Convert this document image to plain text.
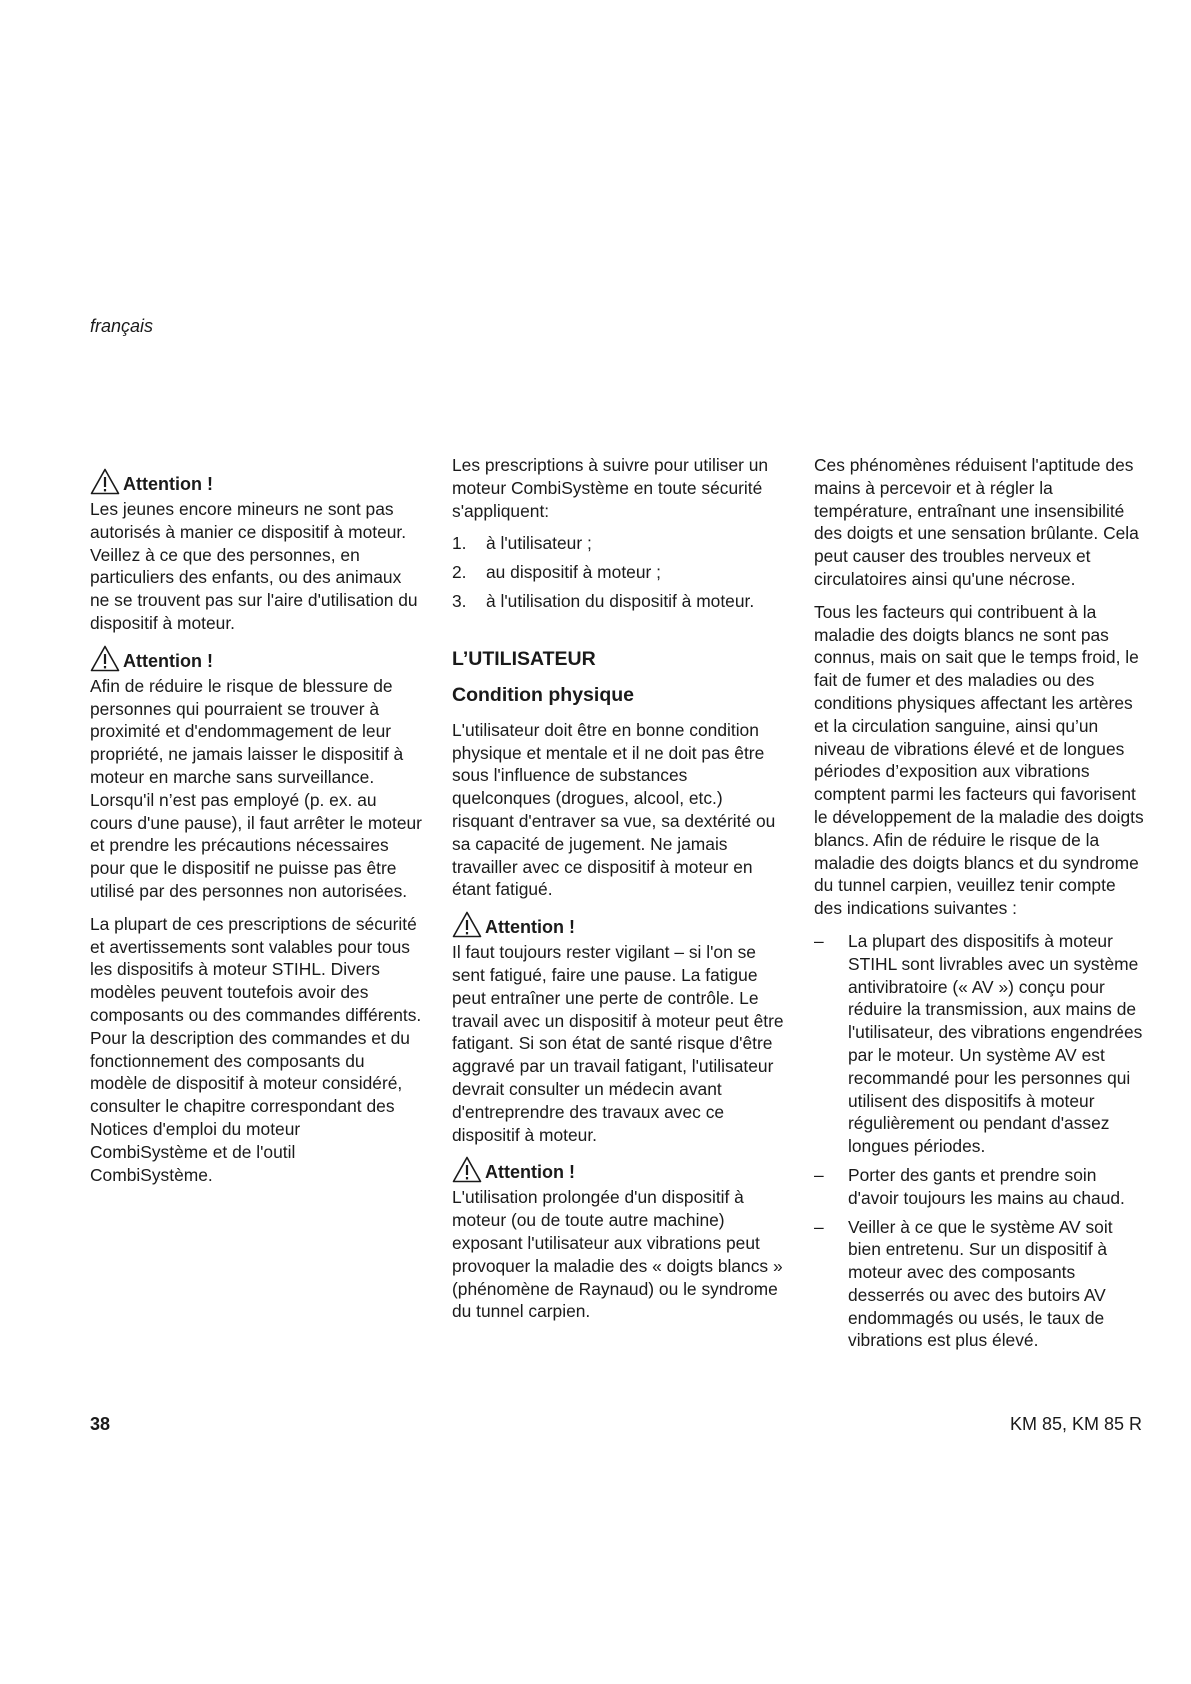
français
Attention !

Les jeunes encore mineurs ne sont pas autorisés à manier ce dispositif à moteur. Veillez à ce que des personnes, en particuliers des enfants, ou des animaux ne se trouvent pas sur l'aire d'utilisation du dispositif à moteur.

Attention !

Afin de réduire le risque de blessure de personnes qui pourraient se trouver à proximité et d'endommagement de leur propriété, ne jamais laisser le dispositif à moteur en marche sans surveillance. Lorsqu'il n’est pas employé (p. ex. au cours d'une pause), il faut arrêter le moteur et prendre les précautions nécessaires pour que le dispositif ne puisse pas être utilisé par des personnes non autorisées.

La plupart de ces prescriptions de sécurité et avertissements sont valables pour tous les dispositifs à moteur STIHL. Divers modèles peuvent toutefois avoir des composants ou des commandes différents. Pour la description des commandes et du fonctionnement des composants du modèle de dispositif à moteur considéré, consulter le chapitre correspondant des Notices d'emploi du moteur CombiSystème et de l'outil CombiSystème.

Les prescriptions à suivre pour utiliser un moteur CombiSystème en toute sécurité s'appliquent:

1.	à l'utilisateur ;
2.	au dispositif à moteur ;
3.	à l'utilisation du dispositif à moteur.
L’UTILISATEUR
Condition physique

L'utilisateur doit être en bonne condition physique et mentale et il ne doit pas être sous l'influence de substances quelconques (drogues, alcool, etc.) risquant d'entraver sa vue, sa dextérité ou sa capacité de jugement. Ne jamais travailler avec ce dispositif à moteur en étant fatigué.

Attention !

Il faut toujours rester vigilant – si l'on se sent fatigué, faire une pause. La fatigue peut entraîner une perte de contrôle. Le travail avec un dispositif à moteur peut être fatigant. Si son état de santé risque d'être aggravé par un travail fatigant, l'utilisateur devrait consulter un médecin avant d'entreprendre des travaux avec ce dispositif à moteur.

Attention !

L'utilisation prolongée d'un dispositif à moteur (ou de toute autre machine) exposant l'utilisateur aux vibrations peut provoquer la maladie des « doigts blancs » (phénomène de Raynaud) ou le syndrome du tunnel carpien.

Ces phénomènes réduisent l'aptitude des mains à percevoir et à régler la température, entraînant une insensibilité des doigts et une sensation brûlante. Cela peut causer des troubles nerveux et circulatoires ainsi qu'une nécrose.

Tous les facteurs qui contribuent à la maladie des doigts blancs ne sont pas connus, mais on sait que le temps froid, le fait de fumer et des maladies ou des conditions physiques affectant les artères et la circulation sanguine, ainsi qu’un niveau de vibrations élevé et de longues périodes d’exposition aux vibrations comptent parmi les facteurs qui favorisent le développement de la maladie des doigts blancs. Afin de réduire le risque de la maladie des doigts blancs et du syndrome du tunnel carpien, veuillez tenir compte des indications suivantes :

–	La plupart des dispositifs à moteur STIHL sont livrables avec un système antivibratoire (« AV ») conçu pour réduire la transmission, aux mains de l'utilisateur, des vibrations engendrées par le moteur. Un système AV est recommandé pour les personnes qui utilisent des dispositifs à moteur régulièrement ou pendant d'assez longues périodes.
–	Porter des gants et prendre soin d'avoir toujours les mains au chaud.
–	Veiller à ce que le système AV soit bien entretenu. Sur un dispositif à moteur avec des composants desserrés ou avec des butoirs AV endommagés ou usés, le taux de vibrations est plus élevé.
38	KM 85, KM 85 R
